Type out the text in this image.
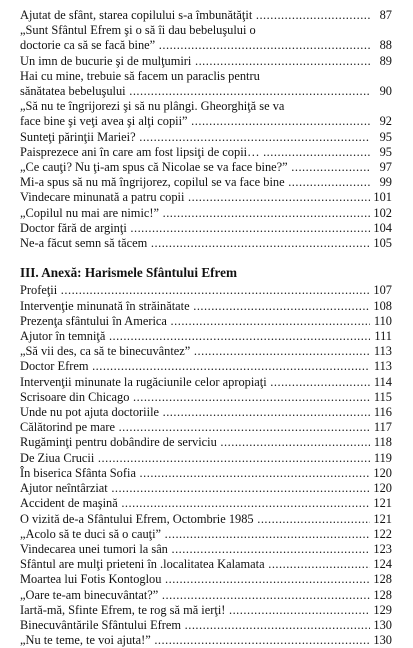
Ajutat de sfânt, starea copilului s-a îmbunătăţit .....	87
„Sunt Sfântul Efrem şi o să îi dau bebeluşului o
doctorie ca să se facă bine” .....	88
Un imn de bucurie şi de mulţumiri .....	89
Hai cu mine, trebuie să facem un paraclis pentru
sănătatea bebeluşului .....	90
„Să nu te îngrijorezi şi să nu plângi. Gheorghiţă se va
face bine şi veţi avea şi alţi copii” .....	92
Sunteţi părinţii Mariei? .....	95
Paisprezece ani în care am fost lipsiţi de copii… .....	95
„Ce cauţi? Nu ţi-am spus că Nicolae se va face bine?” .....	97
Mi-a spus să nu mă îngrijorez, copilul se va face bine .....	99
Vindecare minunată a patru copii .....	101
„Copilul nu mai are nimic!” .....	102
Doctor fără de arginţi .....	104
Ne-a făcut semn să tăcem .....	105
III. Anexă: Harismele Sfântului Efrem
Profeţii .....	107
Intervenţie minunată în străinătate .....	108
Prezenţa sfântului în America .....	110
Ajutor în temniţă .....	111
„Să vii des, ca să te binecuvântez” .....	113
Doctor Efrem .....	113
Intervenţii minunate la rugăciunile celor apropiaţi .....	114
Scrisoare din Chicago .....	115
Unde nu pot ajuta doctoriile .....	116
Călătorind pe mare .....	117
Rugăminţi pentru dobândire de serviciu .....	118
De Ziua Crucii .....	119
În biserica Sfânta Sofia .....	120
Ajutor neîntârziat .....	120
Accident de maşină .....	121
O vizită de-a Sfântului Efrem, Octombrie 1985 .....	121
„Acolo să te duci să o cauţi” .....	122
Vindecarea unei tumori la sân .....	123
Sfântul are mulţi prieteni în .localitatea Kalamata .....	124
Moartea lui Fotis Kontoglou .....	128
„Oare te-am binecuvântat?” .....	128
Iartă-mă, Sfinte Efrem, te rog să mă ierţi! .....	129
Binecuvântările Sfântului Efrem .....	130
„Nu te teme, te voi ajuta!” .....	130
